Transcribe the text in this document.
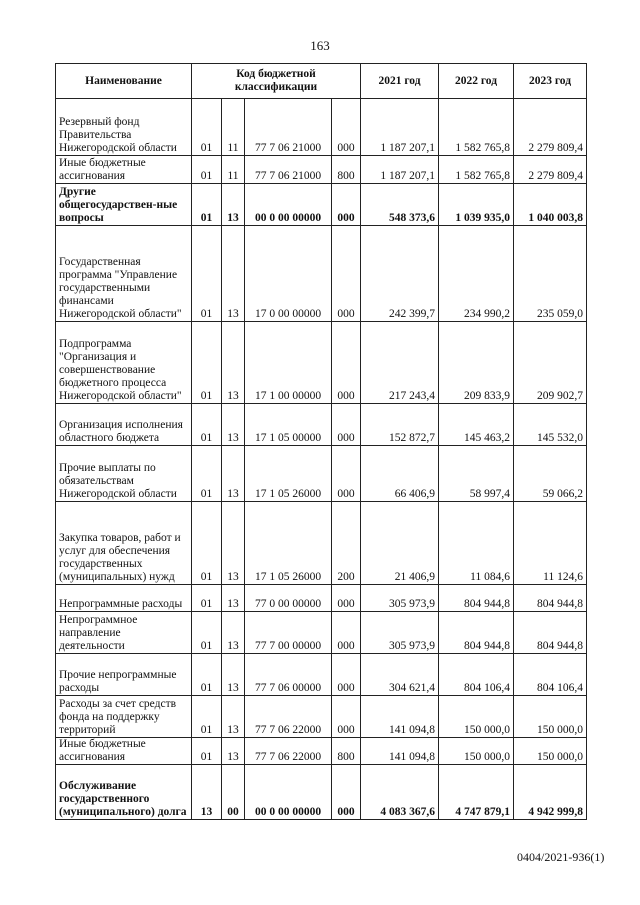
163
Наименование	Код бюджетной классификации				2021 год	2022 год	2023 год
Резервный фонд Правительства Нижегородской области	01	11	77 7 06 21000	000	1 187 207,1	1 582 765,8	2 279 809,4
Иные бюджетные ассигнования	01	11	77 7 06 21000	800	1 187 207,1	1 582 765,8	2 279 809,4
Другие общегосударствен-ные вопросы	01	13	00 0 00 00000	000	548 373,6	1 039 935,0	1 040 003,8
Государственная программа "Управление государственными финансами Нижегородской области"	01	13	17 0 00 00000	000	242 399,7	234 990,2	235 059,0
Подпрограмма "Организация и совершенствование бюджетного процесса Нижегородской области"	01	13	17 1 00 00000	000	217 243,4	209 833,9	209 902,7
Организация исполнения областного бюджета	01	13	17 1 05 00000	000	152 872,7	145 463,2	145 532,0
Прочие выплаты по обязательствам Нижегородской области	01	13	17 1 05 26000	000	66 406,9	58 997,4	59 066,2
Закупка товаров, работ и услуг для обеспечения государственных (муниципальных) нужд	01	13	17 1 05 26000	200	21 406,9	11 084,6	11 124,6
Непрограммные расходы	01	13	77 0 00 00000	000	305 973,9	804 944,8	804 944,8
Непрограммное направление деятельности	01	13	77 7 00 00000	000	305 973,9	804 944,8	804 944,8
Прочие непрограммные расходы	01	13	77 7 06 00000	000	304 621,4	804 106,4	804 106,4
Расходы за счет средств фонда на поддержку территорий	01	13	77 7 06 22000	000	141 094,8	150 000,0	150 000,0
Иные бюджетные ассигнования	01	13	77 7 06 22000	800	141 094,8	150 000,0	150 000,0
Обслуживание государственного (муниципального) долга	13	00	00 0 00 00000	000	4 083 367,6	4 747 879,1	4 942 999,8
0404/2021-936(1)
